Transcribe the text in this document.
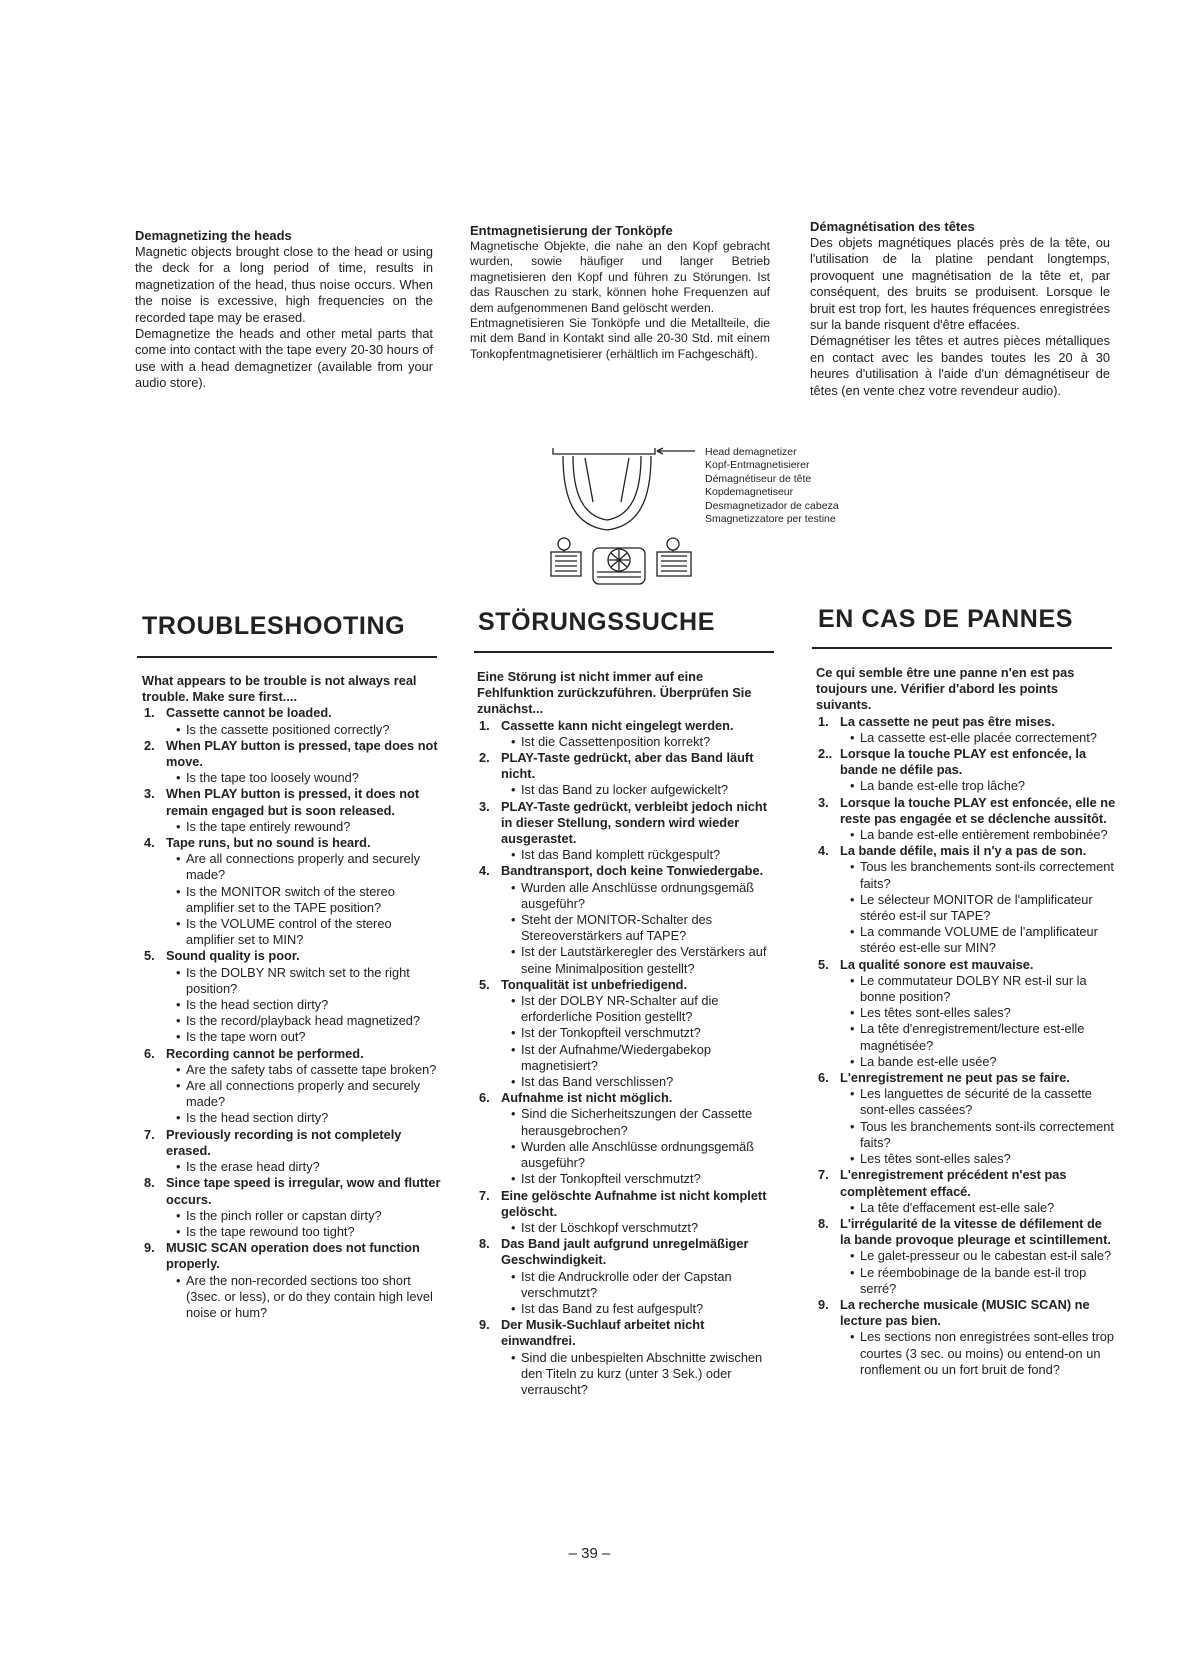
Demagnetizing the heads

Magnetic objects brought close to the head or using the deck for a long period of time, results in magnetization of the head, thus noise occurs. When the noise is excessive, high frequencies on the recorded tape may be erased.

Demagnetize the heads and other metal parts that come into contact with the tape every 20-30 hours of use with a head demagnetizer (available from your audio store).

Entmagnetisierung der Tonköpfe

Magnetische Objekte, die nahe an den Kopf gebracht wurden, sowie häufiger und langer Betrieb magnetisieren den Kopf und führen zu Störungen. Ist das Rauschen zu stark, können hohe Frequenzen auf dem aufgenommenen Band gelöscht werden.

Entmagnetisieren Sie Tonköpfe und die Metallteile, die mit dem Band in Kontakt sind alle 20-30 Std. mit einem Tonkopfentmagnetisierer (erhältlich im Fachgeschäft).

Démagnétisation des têtes

Des objets magnétiques placés près de la tête, ou l'utilisation de la platine pendant longtemps, provoquent une magnétisation de la tête et, par conséquent, des bruits se produisent. Lorsque le bruit est trop fort, les hautes fréquences enregistrées sur la bande risquent d'être effacées.

Démagnétiser les têtes et autres pièces métalliques en contact avec les bandes toutes les 20 à 30 heures d'utilisation à l'aide d'un démagnétiseur de têtes (en vente chez votre revendeur audio).

Head demagnetizer
Kopf-Entmagnetisierer
Démagnétiseur de tête
Kopdemagnetiseur
Desmagnetizador de cabeza
Smagnetizzatore per testine
TROUBLESHOOTING	STÖRUNGSSUCHE	EN CAS DE PANNES

What appears to be trouble is not always real trouble. Make sure first....

1. Cassette cannot be loaded.
• Is the cassette positioned correctly?
2. When PLAY button is pressed, tape does not move.
• Is the tape too loosely wound?
3. When PLAY button is pressed, it does not remain engaged but is soon released.
• Is the tape entirely rewound?
4. Tape runs, but no sound is heard.
• Are all connections properly and securely made?
• Is the MONITOR switch of the stereo amplifier set to the TAPE position?
• Is the VOLUME control of the stereo amplifier set to MIN?
5. Sound quality is poor.
• Is the DOLBY NR switch set to the right position?
• Is the head section dirty?
• Is the record/playback head magnetized?
• Is the tape worn out?
6. Recording cannot be performed.
• Are the safety tabs of cassette tape broken?
• Are all connections properly and securely made?
• Is the head section dirty?
7. Previously recording is not completely erased.
• Is the erase head dirty?
8. Since tape speed is irregular, wow and flutter occurs.
• Is the pinch roller or capstan dirty?
• Is the tape rewound too tight?
9. MUSIC SCAN operation does not function properly.
• Are the non-recorded sections too short (3sec. or less), or do they contain high level noise or hum?

Eine Störung ist nicht immer auf eine Fehlfunktion zurückzuführen. Überprüfen Sie zunächst...

1. Cassette kann nicht eingelegt werden.
• Ist die Cassettenposition korrekt?
2. PLAY-Taste gedrückt, aber das Band läuft nicht.
• Ist das Band zu locker aufgewickelt?
3. PLAY-Taste gedrückt, verbleibt jedoch nicht in dieser Stellung, sondern wird wieder ausgerastet.
• Ist das Band komplett rückgespult?
4. Bandtransport, doch keine Tonwiedergabe.
• Wurden alle Anschlüsse ordnungsgemäß ausgeführ?
• Steht der MONITOR-Schalter des Stereoverstärkers auf TAPE?
• Ist der Lautstärkeregler des Verstärkers auf seine Minimalposition gestellt?
5. Tonqualität ist unbefriedigend.
• Ist der DOLBY NR-Schalter auf die erforderliche Position gestellt?
• Ist der Tonkopfteil verschmutzt?
• Ist der Aufnahme/Wiedergabekop magnetisiert?
• Ist das Band verschlissen?
6. Aufnahme ist nicht möglich.
• Sind die Sicherheitszungen der Cassette herausgebrochen?
• Wurden alle Anschlüsse ordnungsgemäß ausgeführ?
• Ist der Tonkopfteil verschmutzt?
7. Eine gelöschte Aufnahme ist nicht komplett gelöscht.
• Ist der Löschkopf verschmutzt?
8. Das Band jault aufgrund unregelmäßiger Geschwindigkeit.
• Ist die Andruckrolle oder der Capstan verschmutzt?
• Ist das Band zu fest aufgespult?
9. Der Musik-Suchlauf arbeitet nicht einwandfrei.
• Sind die unbespielten Abschnitte zwischen den Titeln zu kurz (unter 3 Sek.) oder verrauscht?

Ce qui semble être une panne n'en est pas toujours une. Vérifier d'abord les points suivants.

1. La cassette ne peut pas être mises.
• La cassette est-elle placée correctement?
2.. Lorsque la touche PLAY est enfoncée, la bande ne défile pas.
• La bande est-elle trop lâche?
3. Lorsque la touche PLAY est enfoncée, elle ne reste pas engagée et se déclenche aussitôt.
• La bande est-elle entièrement rembobinée?
4. La bande défile, mais il n'y a pas de son.
• Tous les branchements sont-ils correctement faits?
• Le sélecteur MONITOR de l'amplificateur stéréo est-il sur TAPE?
• La commande VOLUME de l'amplificateur stéréo est-elle sur MIN?
5. La qualité sonore est mauvaise.
• Le commutateur DOLBY NR est-il sur la bonne position?
• Les têtes sont-elles sales?
• La tête d'enregistrement/lecture est-elle magnétisée?
• La bande est-elle usée?
6. L'enregistrement ne peut pas se faire.
• Les languettes de sécurité de la cassette sont-elles cassées?
• Tous les branchements sont-ils correctement faits?
• Les têtes sont-elles sales?
7. L'enregistrement précédent n'est pas complètement effacé.
• La tête d'effacement est-elle sale?
8. L'irrégularité de la vitesse de défilement de la bande provoque pleurage et scintillement.
• Le galet-presseur ou le cabestan est-il sale?
• Le réembobinage de la bande est-il trop serré?
9. La recherche musicale (MUSIC SCAN) ne lecture pas bien.
• Les sections non enregistrées sont-elles trop courtes (3 sec. ou moins) ou entend-on un ronflement ou un fort bruit de fond?
– 39 –
